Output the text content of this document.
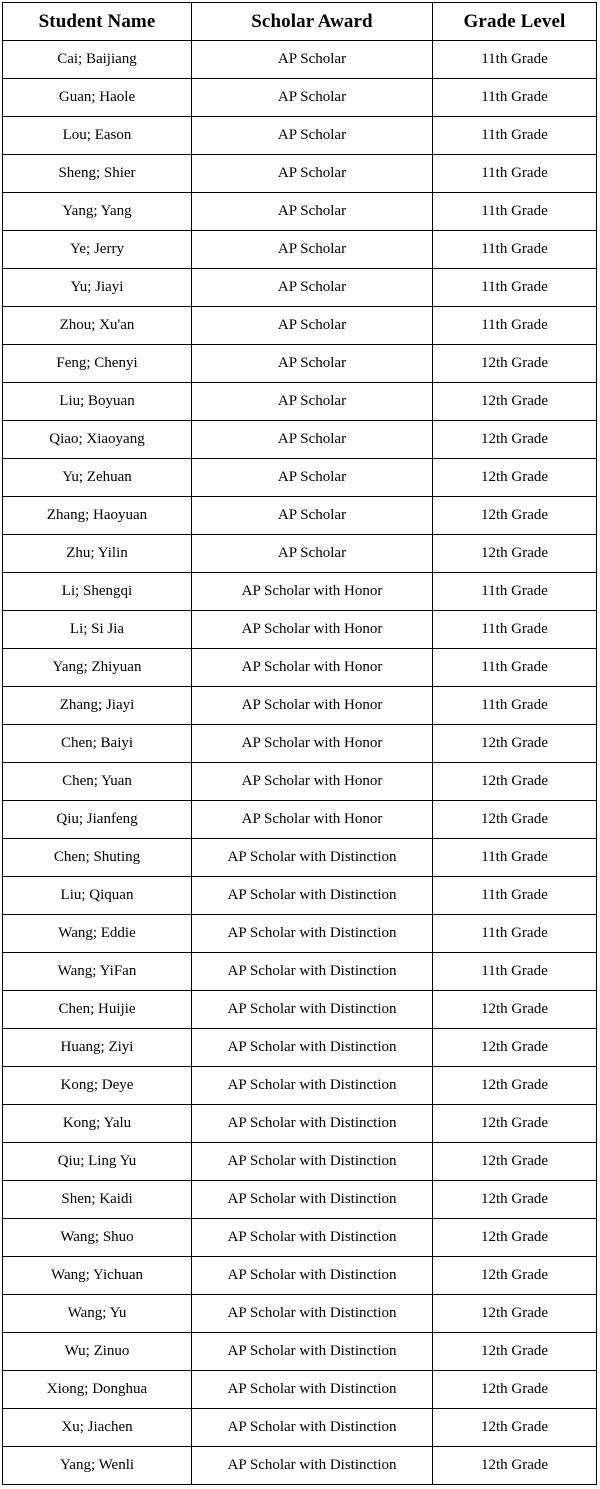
Student Name	Scholar Award	Grade Level
Cai; Baijiang	AP Scholar	11th Grade
Guan; Haole	AP Scholar	11th Grade
Lou; Eason	AP Scholar	11th Grade
Sheng; Shier	AP Scholar	11th Grade
Yang; Yang	AP Scholar	11th Grade
Ye; Jerry	AP Scholar	11th Grade
Yu; Jiayi	AP Scholar	11th Grade
Zhou; Xu'an	AP Scholar	11th Grade
Feng; Chenyi	AP Scholar	12th Grade
Liu; Boyuan	AP Scholar	12th Grade
Qiao; Xiaoyang	AP Scholar	12th Grade
Yu; Zehuan	AP Scholar	12th Grade
Zhang; Haoyuan	AP Scholar	12th Grade
Zhu; Yilin	AP Scholar	12th Grade
Li; Shengqi	AP Scholar with Honor	11th Grade
Li; Si Jia	AP Scholar with Honor	11th Grade
Yang; Zhiyuan	AP Scholar with Honor	11th Grade
Zhang; Jiayi	AP Scholar with Honor	11th Grade
Chen; Baiyi	AP Scholar with Honor	12th Grade
Chen; Yuan	AP Scholar with Honor	12th Grade
Qiu; Jianfeng	AP Scholar with Honor	12th Grade
Chen; Shuting	AP Scholar with Distinction	11th Grade
Liu; Qiquan	AP Scholar with Distinction	11th Grade
Wang; Eddie	AP Scholar with Distinction	11th Grade
Wang; YiFan	AP Scholar with Distinction	11th Grade
Chen; Huijie	AP Scholar with Distinction	12th Grade
Huang; Ziyi	AP Scholar with Distinction	12th Grade
Kong; Deye	AP Scholar with Distinction	12th Grade
Kong; Yalu	AP Scholar with Distinction	12th Grade
Qiu; Ling Yu	AP Scholar with Distinction	12th Grade
Shen; Kaidi	AP Scholar with Distinction	12th Grade
Wang; Shuo	AP Scholar with Distinction	12th Grade
Wang; Yichuan	AP Scholar with Distinction	12th Grade
Wang; Yu	AP Scholar with Distinction	12th Grade
Wu; Zinuo	AP Scholar with Distinction	12th Grade
Xiong; Donghua	AP Scholar with Distinction	12th Grade
Xu; Jiachen	AP Scholar with Distinction	12th Grade
Yang; Wenli	AP Scholar with Distinction	12th Grade
